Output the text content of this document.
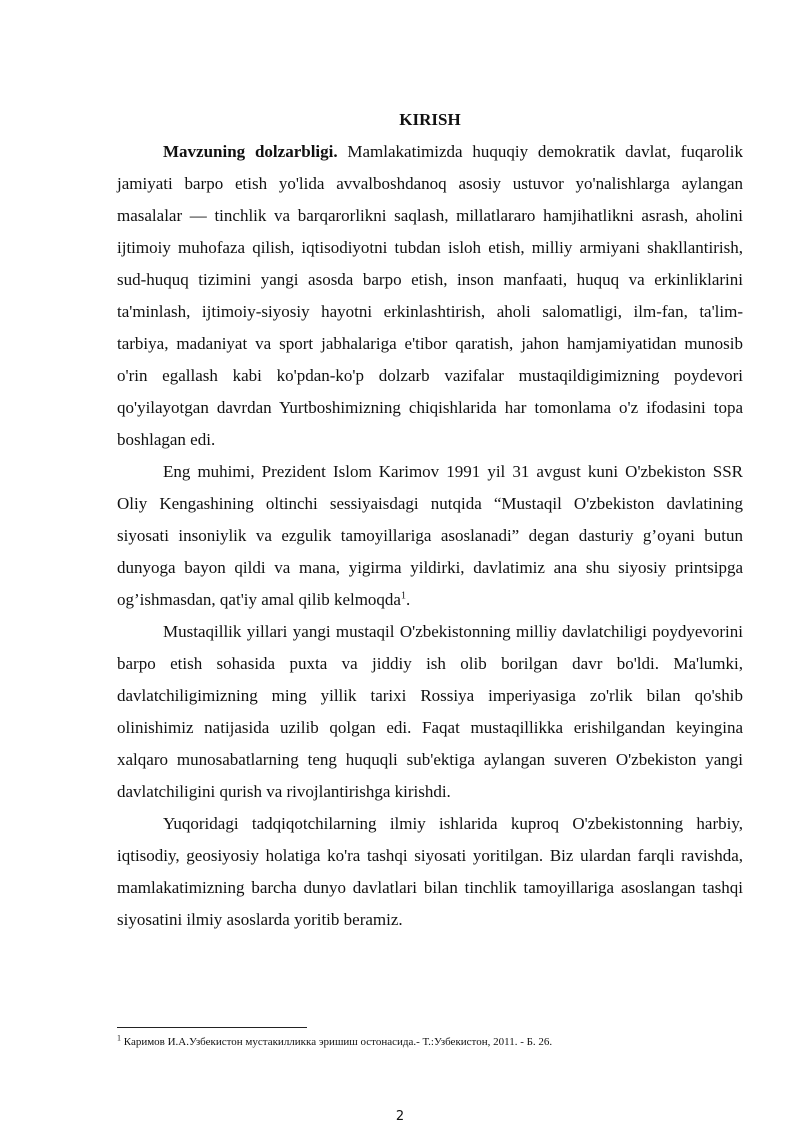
KIRISH

Mavzuning dolzarbligi. Mamlakatimizda huquqiy demokratik davlat, fuqarolik jamiyati barpo etish yo'lida avvalboshdanoq asosiy ustuvor yo'nalishlarga aylangan masalalar — tinchlik va barqarorlikni saqlash, millatlararo hamjihatlikni asrash, aholini ijtimoiy muhofaza qilish, iqtisodiyotni tubdan isloh etish, milliy armiyani shakllantirish, sud-huquq tizimini yangi asosda barpo etish, inson manfaati, huquq va erkinliklarini ta'minlash, ijtimoiy-siyosiy hayotni erkinlashtirish, aholi salomatligi, ilm-fan, ta'lim-tarbiya, madaniyat va sport jabhalariga e'tibor qaratish, jahon hamjamiyatidan munosib o'rin egallash kabi ko'pdan-ko'p dolzarb vazifalar mustaqildigimizning poydevori qo'yilayotgan davrdan Yurtboshimizning chiqishlarida har tomonlama o'z ifodasini topa boshlagan edi.

Eng muhimi, Prezident Islom Karimov 1991 yil 31 avgust kuni O'zbekiston SSR Oliy Kengashining oltinchi sessiyaisdagi nutqida “Mustaqil O'zbekiston davlatining siyosati insoniylik va ezgulik tamoyillariga asoslanadi” degan dasturiy g’oyani butun dunyoga bayon qildi va mana, yigirma yildirki, davlatimiz ana shu siyosiy printsipga og’ishmasdan, qat'iy amal qilib kelmoqda$^1$.

Mustaqillik yillari yangi mustaqil O'zbekistonning milliy davlatchiligi poydyevorini barpo etish sohasida puxta va jiddiy ish olib borilgan davr bo'ldi. Ma'lumki, davlatchiligimizning ming yillik tarixi Rossiya imperiyasiga zo'rlik bilan qo'shib olinishimiz natijasida uzilib qolgan edi. Faqat mustaqillikka erishilgandan keyingina xalqaro munosabatlarning teng huquqli sub'ektiga aylangan suveren O'zbekiston yangi davlatchiligini qurish va rivojlantirishga kirishdi.

Yuqoridagi tadqiqotchilarning ilmiy ishlarida kuproq O'zbekistonning harbiy, iqtisodiy, geosiyosiy holatiga ko'ra tashqi siyosati yoritilgan. Biz ulardan farqli ravishda, mamlakatimizning barcha dunyo davlatlari bilan tinchlik tamoyillariga asoslangan tashqi siyosatini ilmiy asoslarda yoritib beramiz.

$^1$ Каримов И.А.Узбекистон мустакилликка эришиш остонасида.- Т.:Узбекистон, 2011. - Б. 26.

2
